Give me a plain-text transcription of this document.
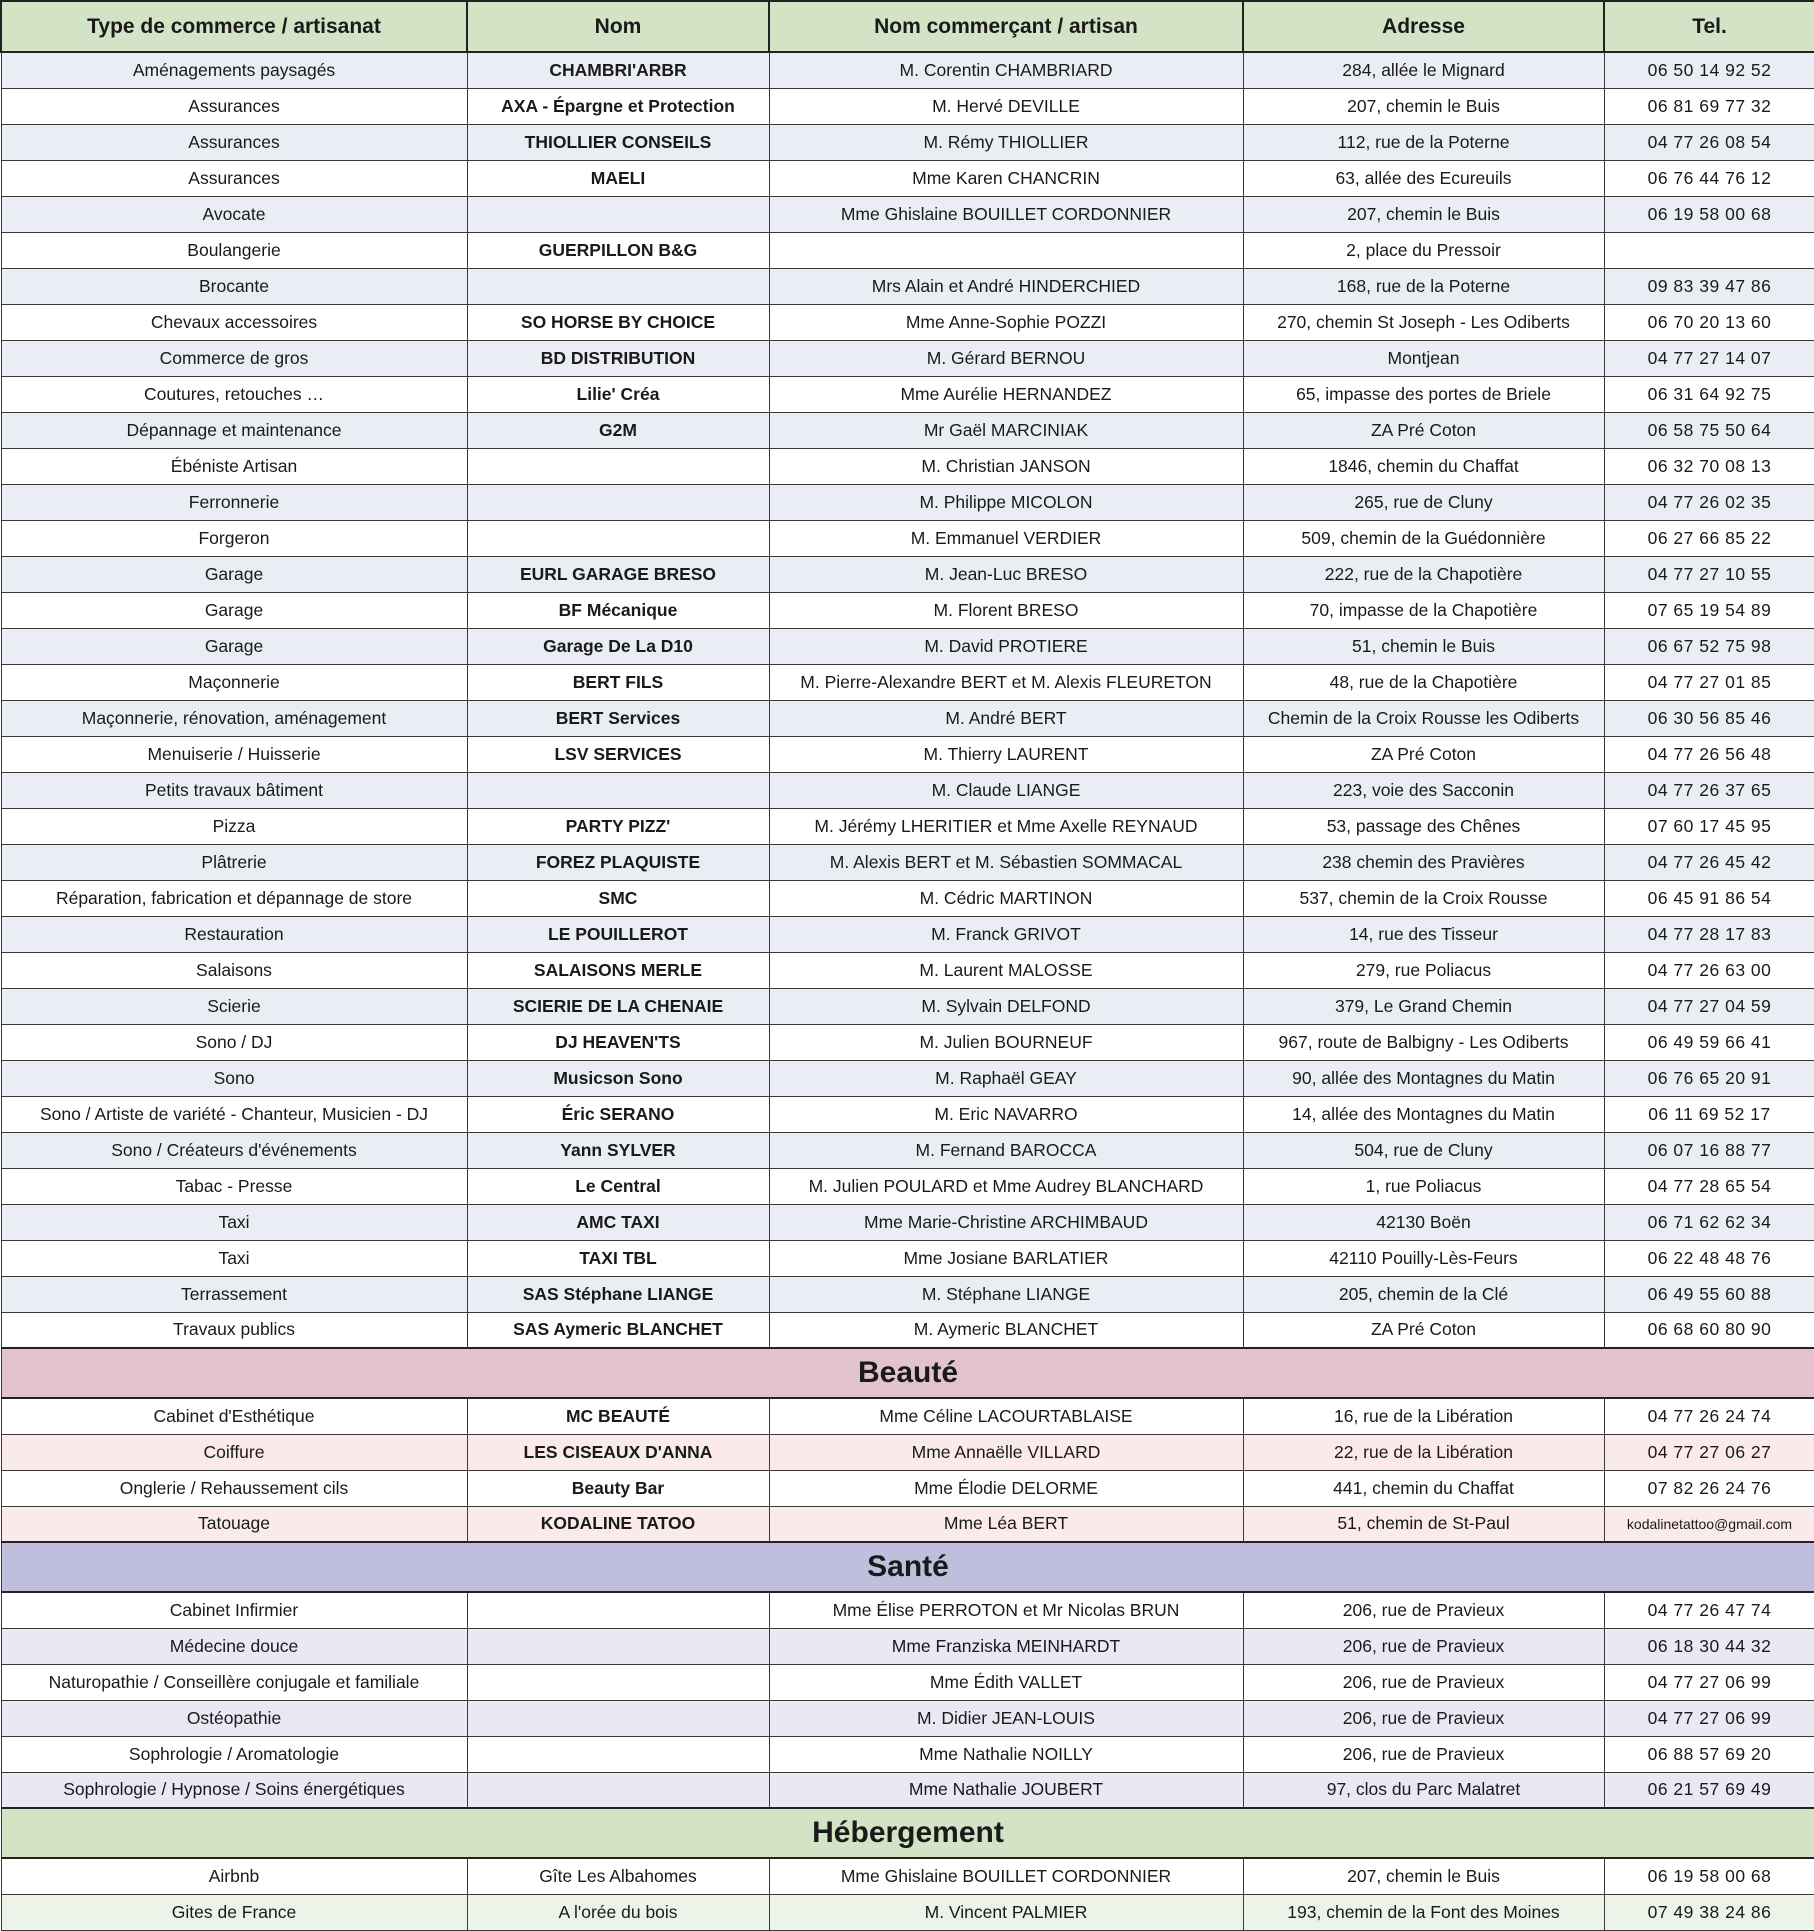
Type de commerce / artisanat	Nom	Nom commerçant / artisan	Adresse	Tel.
Aménagements paysagés	CHAMBRI'ARBR	M. Corentin CHAMBRIARD	284, allée le Mignard	06 50 14 92 52
Assurances	AXA - Épargne et Protection	M. Hervé DEVILLE	207, chemin le Buis	06 81 69 77 32
Assurances	THIOLLIER CONSEILS	M. Rémy THIOLLIER	112, rue de la Poterne	04 77 26 08 54
Assurances	MAELI	Mme Karen CHANCRIN	63, allée des Ecureuils	06 76 44 76 12
Avocate		Mme Ghislaine BOUILLET CORDONNIER	207, chemin le Buis	06 19 58 00 68
Boulangerie	GUERPILLON B&G		2, place du Pressoir	
Brocante		Mrs Alain et André HINDERCHIED	168, rue de la Poterne	09 83 39 47 86
Chevaux accessoires	SO HORSE BY CHOICE	Mme Anne-Sophie POZZI	270, chemin St Joseph - Les Odiberts	06 70 20 13 60
Commerce de gros	BD DISTRIBUTION	M. Gérard BERNOU	Montjean	04 77 27 14 07
Coutures, retouches …	Lilie' Créa	Mme Aurélie HERNANDEZ	65, impasse des portes de Briele	06 31 64 92 75
Dépannage et maintenance	G2M	Mr Gaël MARCINIAK	ZA Pré Coton	06 58 75 50 64
Ébéniste Artisan		M. Christian JANSON	1846, chemin du Chaffat	06 32 70 08 13
Ferronnerie		M. Philippe MICOLON	265, rue de Cluny	04 77 26 02 35
Forgeron		M. Emmanuel VERDIER	509, chemin de la Guédonnière	06 27 66 85 22
Garage	EURL GARAGE BRESO	M. Jean-Luc BRESO	222, rue de la Chapotière	04 77 27 10 55
Garage	BF Mécanique	M. Florent BRESO	70, impasse de la Chapotière	07 65 19 54 89
Garage	Garage De La D10	M. David PROTIERE	51, chemin le Buis	06 67 52 75 98
Maçonnerie	BERT FILS	M. Pierre-Alexandre BERT et M. Alexis FLEURETON	48, rue de la Chapotière	04 77 27 01 85
Maçonnerie, rénovation, aménagement	BERT Services	M. André BERT	Chemin de la Croix Rousse les Odiberts	06 30 56 85 46
Menuiserie / Huisserie	LSV SERVICES	M. Thierry LAURENT	ZA Pré Coton	04 77 26 56 48
Petits travaux bâtiment		M. Claude LIANGE	223, voie des Sacconin	04 77 26 37 65
Pizza	PARTY PIZZ'	M. Jérémy LHERITIER et Mme Axelle REYNAUD	53, passage des Chênes	07 60 17 45 95
Plâtrerie	FOREZ PLAQUISTE	M. Alexis BERT et M. Sébastien SOMMACAL	238 chemin des Pravières	04 77 26 45 42
Réparation, fabrication et dépannage de store	SMC	M. Cédric MARTINON	537, chemin de la Croix Rousse	06 45 91 86 54
Restauration	LE POUILLEROT	M. Franck GRIVOT	14, rue des Tisseur	04 77 28 17 83
Salaisons	SALAISONS MERLE	M. Laurent MALOSSE	279, rue Poliacus	04 77 26 63 00
Scierie	SCIERIE DE LA CHENAIE	M. Sylvain DELFOND	379, Le Grand Chemin	04 77 27 04 59
Sono / DJ	DJ HEAVEN'TS	M. Julien BOURNEUF	967, route de Balbigny - Les Odiberts	06 49 59 66 41
Sono	Musicson Sono	M. Raphaël GEAY	90, allée des Montagnes du Matin	06 76 65 20 91
Sono / Artiste de variété - Chanteur, Musicien - DJ	Éric SERANO	M. Eric NAVARRO	14, allée des Montagnes du Matin	06 11 69 52 17
Sono / Créateurs d'événements	Yann SYLVER	M. Fernand BAROCCA	504, rue de Cluny	06 07 16 88 77
Tabac - Presse	Le Central	M. Julien POULARD et Mme Audrey BLANCHARD	1, rue Poliacus	04 77 28 65 54
Taxi	AMC TAXI	Mme Marie-Christine ARCHIMBAUD	42130 Boën	06 71 62 62 34
Taxi	TAXI TBL	Mme Josiane BARLATIER	42110 Pouilly-Lès-Feurs	06 22 48 48 76
Terrassement	SAS Stéphane LIANGE	M. Stéphane LIANGE	205, chemin de la Clé	06 49 55 60 88
Travaux publics	SAS Aymeric BLANCHET	M. Aymeric BLANCHET	ZA Pré Coton	06 68 60 80 90
Beauté				
Cabinet d'Esthétique	MC BEAUTÉ	Mme Céline LACOURTABLAISE	16, rue de la Libération	04 77 26 24 74
Coiffure	LES CISEAUX D'ANNA	Mme Annaëlle VILLARD	22, rue de la Libération	04 77 27 06 27
Onglerie / Rehaussement cils	Beauty Bar	Mme Élodie DELORME	441, chemin du Chaffat	07 82 26 24 76
Tatouage	KODALINE TATOO	Mme Léa BERT	51, chemin de St-Paul	kodalinetattoo@gmail.com
Santé				
Cabinet Infirmier		Mme Élise PERROTON et Mr Nicolas BRUN	206, rue de Pravieux	04 77 26 47 74
Médecine douce		Mme Franziska MEINHARDT	206, rue de Pravieux	06 18 30 44 32
Naturopathie / Conseillère conjugale et familiale		Mme Édith VALLET	206, rue de Pravieux	04 77 27 06 99
Ostéopathie		M. Didier JEAN-LOUIS	206, rue de Pravieux	04 77 27 06 99
Sophrologie / Aromatologie		Mme Nathalie NOILLY	206, rue de Pravieux	06 88 57 69 20
Sophrologie / Hypnose / Soins énergétiques		Mme Nathalie JOUBERT	97, clos du Parc Malatret	06 21 57 69 49
Hébergement				
Airbnb	Gîte Les Albahomes	Mme Ghislaine BOUILLET CORDONNIER	207, chemin le Buis	06 19 58 00 68
Gites de France	A l'orée du bois	M. Vincent PALMIER	193, chemin de la Font des Moines	07 49 38 24 86
